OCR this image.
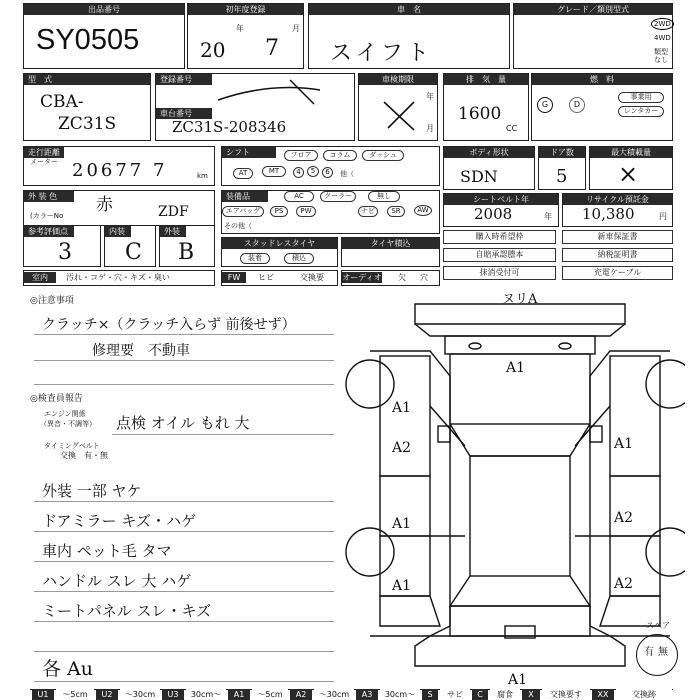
出品番号
SY0505
初年度登録
年	月
20 7
車　名
スイフト
グレード／類別型式
2WD
4WD
類型なし
型　式
CBA-
ZC31S
登録番号
車台番号
ZC31S-208346
車検期限
年
月
排　気　量
1600
CC
燃　料
G	D
事業用
レンタカー
走行距離
メーター 20677 7	km
シフト	フロア	コラム	ダッシュ
AT	MT	4	5	6	他（
ボディ形状
SDN
ドア数
5
最大積載量
×
外 装 色	赤
(カラーNo	ZDF
装備品	AC	クーラー	無し
エアバッグ	PS	PW	ナビ	SR	AW
その他（
シートベルト年
2008	年
リサイクル預託金
10,380	円
参考評価点
3
内装
C
外装
B	スタッドレスタイヤ
装着	積込
タイヤ積込
購入時希望枠
自賠承認謄本
抹消受付可
新車保証書
納税証明書
充電ケーブル
室内	汚れ・コゲ・穴・キズ・臭い	FW	ヒビ	交換要 オーディオ 欠 穴
◎注意事項
クラッチ×（クラッチ入らず 前後せず）
修理要　不動車
◎検査員報告
エンジン関係
（異音・不調等） 点検 オイル もれ 大
タイミングベルト
交換　有・無
外装 一部 ヤケ
ドアミラー キズ・ハゲ
車内 ペット毛 タマ
ハンドル スレ 大 ハゲ
ミートパネル スレ・キズ
各 Au
ヌリA
A1
A1
A1
A2
A1
A1
A1
A2
A2
スペア
有 無
U1	～5cm	U2	～30cm	U3	30cm～	A1	～5cm	A2	～30cm	A3	30cm～	S	サビ	C	腐食	X	交換要す	XX	交換跡
